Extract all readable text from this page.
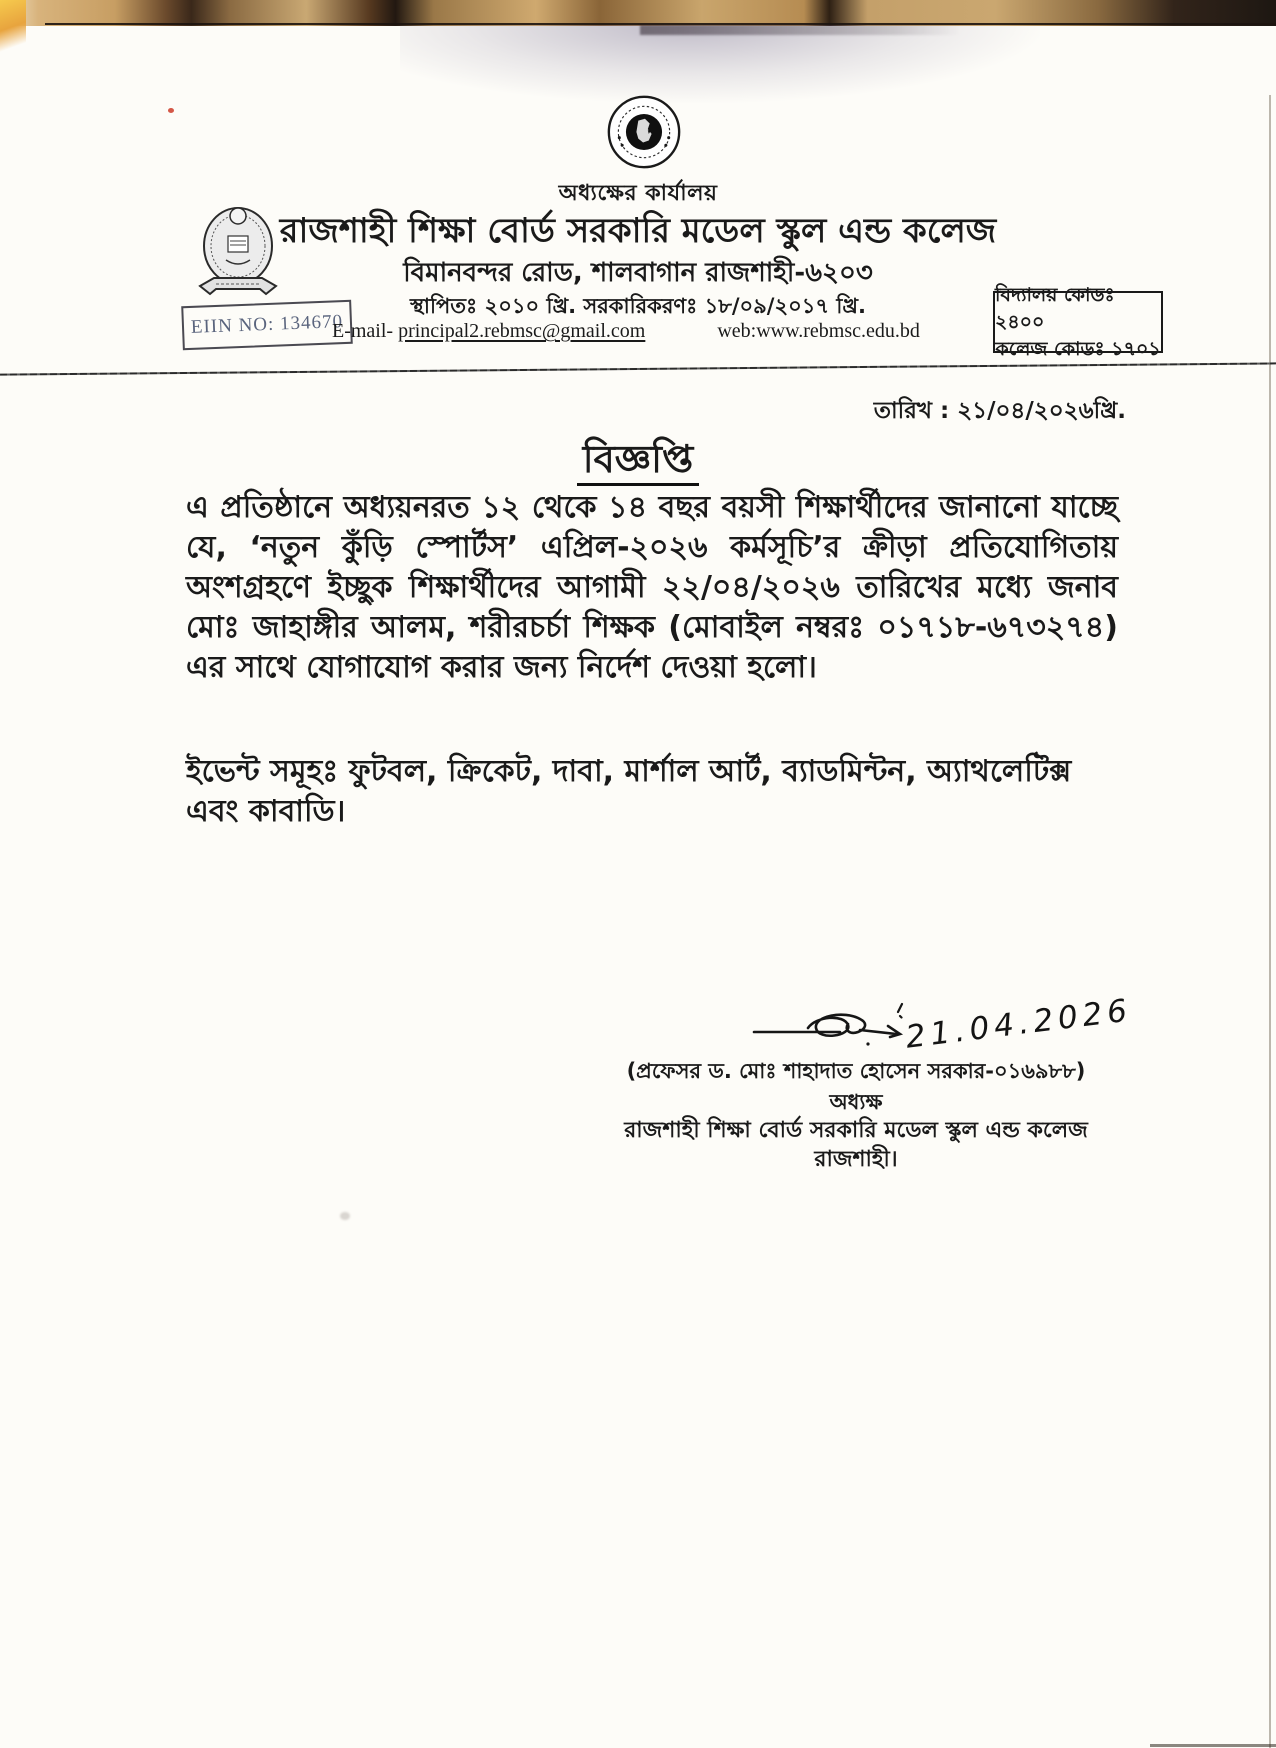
অধ্যক্ষের কার্যালয়
রাজশাহী শিক্ষা বোর্ড সরকারি মডেল স্কুল এন্ড কলেজ
বিমানবন্দর রোড, শালবাগান রাজশাহী-৬২০৩
স্থাপিতঃ ২০১০ খ্রি. সরকারিকরণঃ ১৮/০৯/২০১৭ খ্রি.
EIIN NO: 134670
E-mail- principal2.rebmsc@gmail.com	web:www.rebmsc.edu.bd
বিদ্যালয় কোডঃ ২৪০০
কলেজ কোডঃ ১৭০১
তারিখ : ২১/০৪/২০২৬খ্রি.
বিজ্ঞপ্তি
এ প্রতিষ্ঠানে অধ্যয়নরত ১২ থেকে ১৪ বছর বয়সী শিক্ষার্থীদের জানানো যাচ্ছে যে, ‘নতুন কুঁড়ি স্পোর্টস’ এপ্রিল-২০২৬ কর্মসূচি’র ক্রীড়া প্রতিযোগিতায় অংশগ্রহণে ইচ্ছুক শিক্ষার্থীদের আগামী ২২/০৪/২০২৬ তারিখের মধ্যে জনাব মোঃ জাহাঙ্গীর আলম, শরীরচর্চা শিক্ষক (মোবাইল নম্বরঃ ০১৭১৮-৬৭৩২৭৪) এর সাথে যোগাযোগ করার জন্য নির্দেশ দেওয়া হলো।
ইভেন্ট সমূহঃ ফুটবল, ক্রিকেট, দাবা, মার্শাল আর্ট, ব্যাডমিন্টন, অ্যাথলেটিক্স এবং কাবাডি।
21.04.2026
(প্রফেসর ড. মোঃ শাহাদাত হোসেন সরকার-০১৬৯৮৮)
অধ্যক্ষ
রাজশাহী শিক্ষা বোর্ড সরকারি মডেল স্কুল এন্ড কলেজ
রাজশাহী।
